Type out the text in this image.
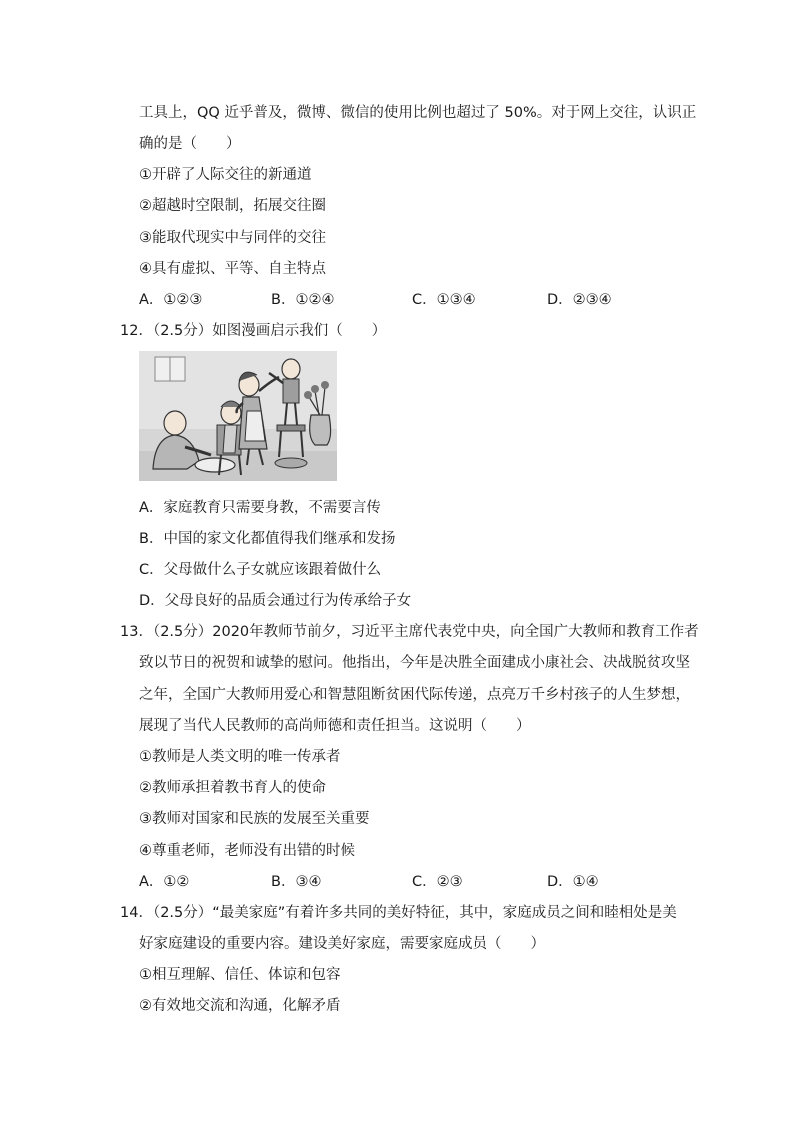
工具上，QQ 近乎普及，微博、微信的使用比例也超过了 50%。对于网上交往，认识正
确的是（　　）
①开辟了人际交往的新通道
②超越时空限制，拓展交往圈
③能取代现实中与同伴的交往
④具有虚拟、平等、自主特点
A．①②③	B．①②④	C．①③④	D．②③④
12．（2.5分）如图漫画启示我们（　　）
A．家庭教育只需要身教，不需要言传
B．中国的家文化都值得我们继承和发扬
C．父母做什么子女就应该跟着做什么
D．父母良好的品质会通过行为传承给子女
13．（2.5分）2020年教师节前夕，习近平主席代表党中央，向全国广大教师和教育工作者
致以节日的祝贺和诚挚的慰问。他指出，今年是决胜全面建成小康社会、决战脱贫攻坚
之年，全国广大教师用爱心和智慧阻断贫困代际传递，点亮万千乡村孩子的人生梦想，
展现了当代人民教师的高尚师德和责任担当。这说明（　　）
①教师是人类文明的唯一传承者
②教师承担着教书育人的使命
③教师对国家和民族的发展至关重要
④尊重老师，老师没有出错的时候
A．①②	B．③④	C．②③	D．①④
14．（2.5分）“最美家庭”有着许多共同的美好特征，其中，家庭成员之间和睦相处是美
好家庭建设的重要内容。建设美好家庭，需要家庭成员（　　）
①相互理解、信任、体谅和包容
②有效地交流和沟通，化解矛盾
